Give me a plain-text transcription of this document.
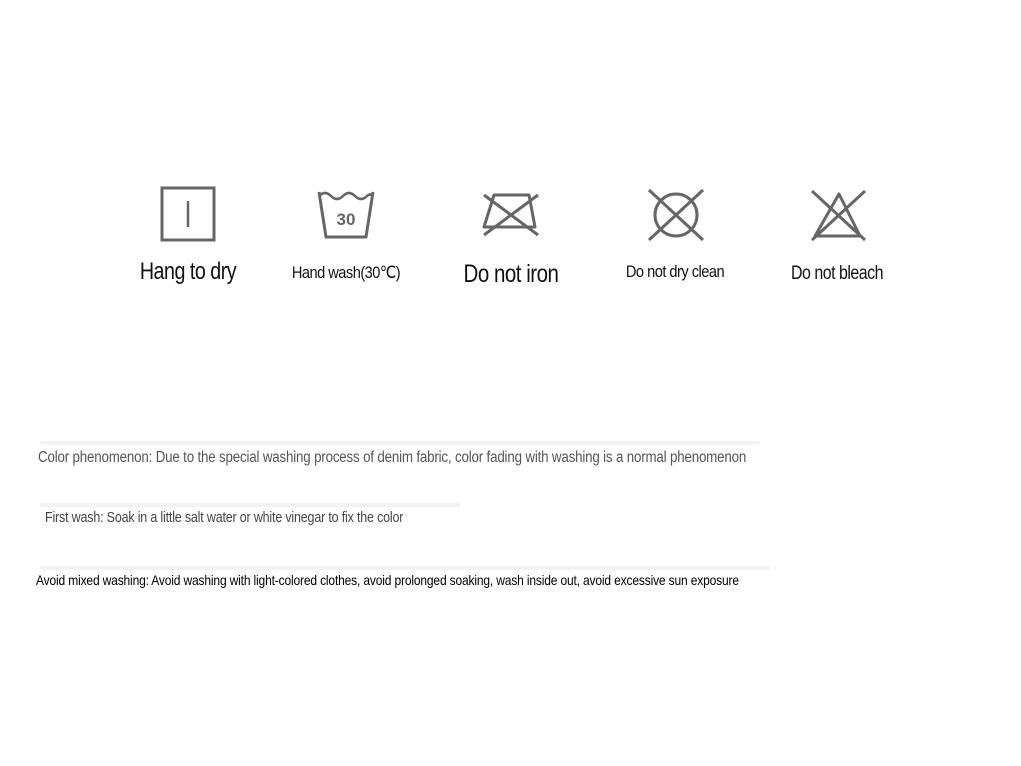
Hang to dry
30
Hand wash(30℃)	Do not iron	Do not dry clean	Do not bleach
Color phenomenon: Due to the special washing process of denim fabric, color fading with washing is a normal phenomenon
First wash: Soak in a little salt water or white vinegar to fix the color
Avoid mixed washing: Avoid washing with light-colored clothes, avoid prolonged soaking, wash inside out, avoid excessive sun exposure
